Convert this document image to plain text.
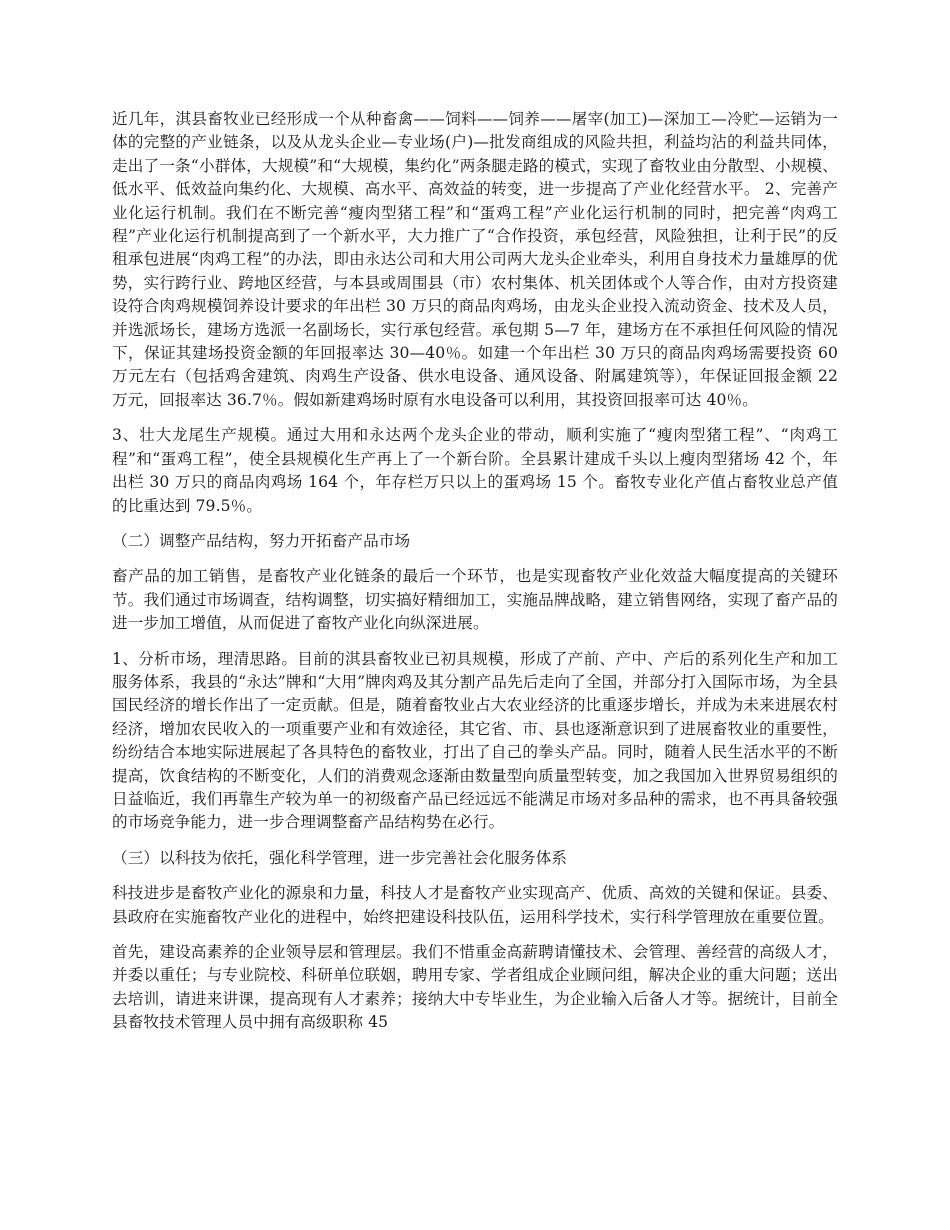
近几年，淇县畜牧业已经形成一个从种畜禽——饲料——饲养——屠宰(加工)—深加工—冷贮—运销为一体的完整的产业链条，以及从龙头企业—专业场(户)—批发商组成的风险共担，利益均沾的利益共同体，走出了一条“小群体，大规模”和“大规模，集约化”两条腿走路的模式，实现了畜牧业由分散型、小规模、低水平、低效益向集约化、大规模、高水平、高效益的转变，进一步提高了产业化经营水平。 2、完善产业化运行机制。我们在不断完善“瘦肉型猪工程”和“蛋鸡工程”产业化运行机制的同时，把完善“肉鸡工程”产业化运行机制提高到了一个新水平，大力推广了“合作投资，承包经营，风险独担，让利于民”的反租承包进展“肉鸡工程”的办法，即由永达公司和大用公司两大龙头企业牵头，利用自身技术力量雄厚的优势，实行跨行业、跨地区经营，与本县或周围县（市）农村集体、机关团体或个人等合作，由对方投资建设符合肉鸡规模饲养设计要求的年出栏 30 万只的商品肉鸡场，由龙头企业投入流动资金、技术及人员，并选派场长，建场方选派一名副场长，实行承包经营。承包期 5—7 年，建场方在不承担任何风险的情况下，保证其建场投资金额的年回报率达 30—40％。如建一个年出栏 30 万只的商品肉鸡场需要投资 60 万元左右（包括鸡舍建筑、肉鸡生产设备、供水电设备、通风设备、附属建筑等），年保证回报金额 22 万元，回报率达 36.7％。假如新建鸡场时原有水电设备可以利用，其投资回报率可达 40％。

3、壮大龙尾生产规模。通过大用和永达两个龙头企业的带动，顺利实施了“瘦肉型猪工程”、“肉鸡工程”和“蛋鸡工程”，使全县规模化生产再上了一个新台阶。全县累计建成千头以上瘦肉型猪场 42 个，年出栏 30 万只的商品肉鸡场 164 个，年存栏万只以上的蛋鸡场 15 个。畜牧专业化产值占畜牧业总产值的比重达到 79.5％。

（二）调整产品结构，努力开拓畜产品市场

畜产品的加工销售，是畜牧产业化链条的最后一个环节，也是实现畜牧产业化效益大幅度提高的关键环节。我们通过市场调查，结构调整，切实搞好精细加工，实施品牌战略，建立销售网络，实现了畜产品的进一步加工增值，从而促进了畜牧产业化向纵深进展。

1、分析市场，理清思路。目前的淇县畜牧业已初具规模，形成了产前、产中、产后的系列化生产和加工服务体系，我县的“永达”牌和“大用”牌肉鸡及其分割产品先后走向了全国，并部分打入国际市场，为全县国民经济的增长作出了一定贡献。但是，随着畜牧业占大农业经济的比重逐步增长，并成为未来进展农村经济，增加农民收入的一项重要产业和有效途径，其它省、市、县也逐渐意识到了进展畜牧业的重要性，纷纷结合本地实际进展起了各具特色的畜牧业，打出了自己的拳头产品。同时，随着人民生活水平的不断提高，饮食结构的不断变化，人们的消费观念逐渐由数量型向质量型转变，加之我国加入世界贸易组织的日益临近，我们再靠生产较为单一的初级畜产品已经远远不能满足市场对多品种的需求，也不再具备较强的市场竞争能力，进一步合理调整畜产品结构势在必行。

（三）以科技为依托，强化科学管理，进一步完善社会化服务体系

科技进步是畜牧产业化的源泉和力量，科技人才是畜牧产业实现高产、优质、高效的关键和保证。县委、县政府在实施畜牧产业化的进程中，始终把建设科技队伍，运用科学技术，实行科学管理放在重要位置。

首先，建设高素养的企业领导层和管理层。我们不惜重金高薪聘请懂技术、会管理、善经营的高级人才，并委以重任；与专业院校、科研单位联姻，聘用专家、学者组成企业顾问组，解决企业的重大问题；送出去培训，请进来讲课，提高现有人才素养；接纳大中专毕业生，为企业输入后备人才等。据统计，目前全县畜牧技术管理人员中拥有高级职称 45
